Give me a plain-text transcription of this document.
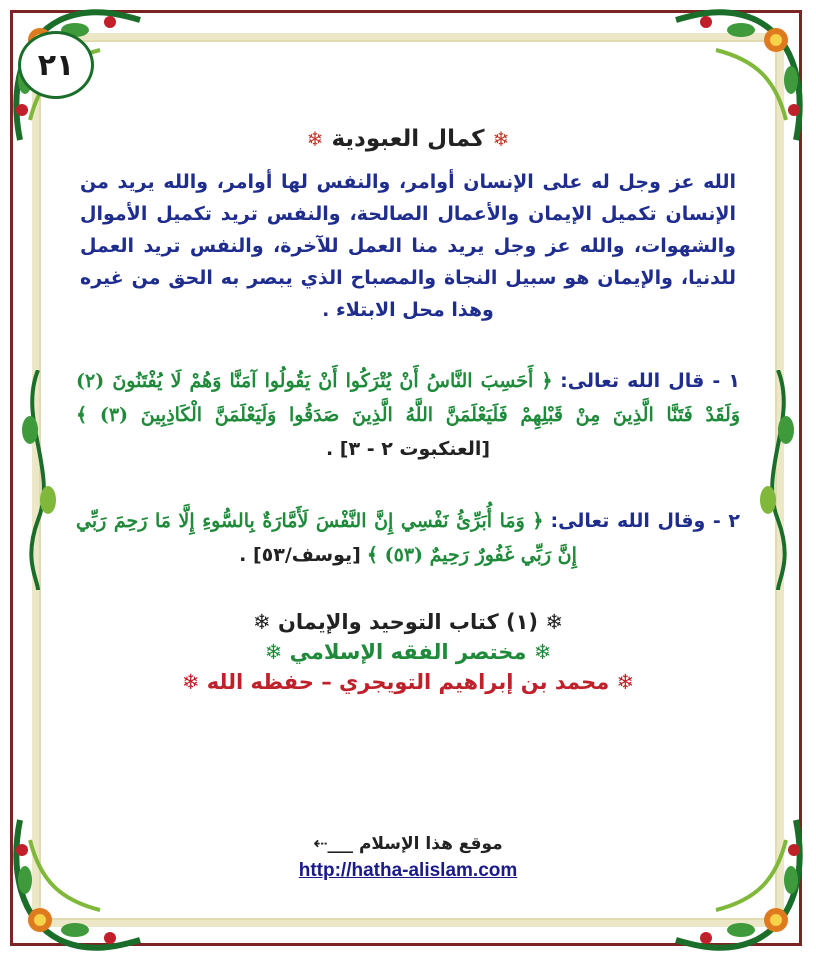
٢١
❄ كمال العبودية ❄

الله عز وجل له على الإنسان أوامر، والنفس لها أوامر، والله يريد من الإنسان تكميل الإيمان والأعمال الصالحة، والنفس تريد تكميل الأموال والشهوات، والله عز وجل يريد منا العمل للآخرة، والنفس تريد العمل للدنيا، والإيمان هو سبيل النجاة والمصباح الذي يبصر به الحق من غيره وهذا محل الابتلاء .

١ - قال الله تعالى: ﴿ أَحَسِبَ النَّاسُ أَنْ يُتْرَكُوا أَنْ يَقُولُوا آمَنَّا وَهُمْ لَا يُفْتَنُونَ (٢) وَلَقَدْ فَتَنَّا الَّذِينَ مِنْ قَبْلِهِمْ فَلَيَعْلَمَنَّ اللَّهُ الَّذِينَ صَدَقُوا وَلَيَعْلَمَنَّ الْكَاذِبِينَ (٣) ﴾ [العنكبوت ٢ - ٣] .

٢ - وقال الله تعالى: ﴿ وَمَا أُبَرِّئُ نَفْسِي إِنَّ النَّفْسَ لَأَمَّارَةٌ بِالسُّوءِ إِلَّا مَا رَحِمَ رَبِّي إِنَّ رَبِّي غَفُورٌ رَحِيمٌ (٥٣) ﴾ [يوسف/٥٣] .

❄ (١) كتاب التوحيد والإيمان ❄
❄ مختصر الفقه الإسلامي ❄
❄ محمد بن إبراهيم التويجري – حفظه الله ❄
موقع هذا الإسلام ___⇠
http://hatha-alislam.com
